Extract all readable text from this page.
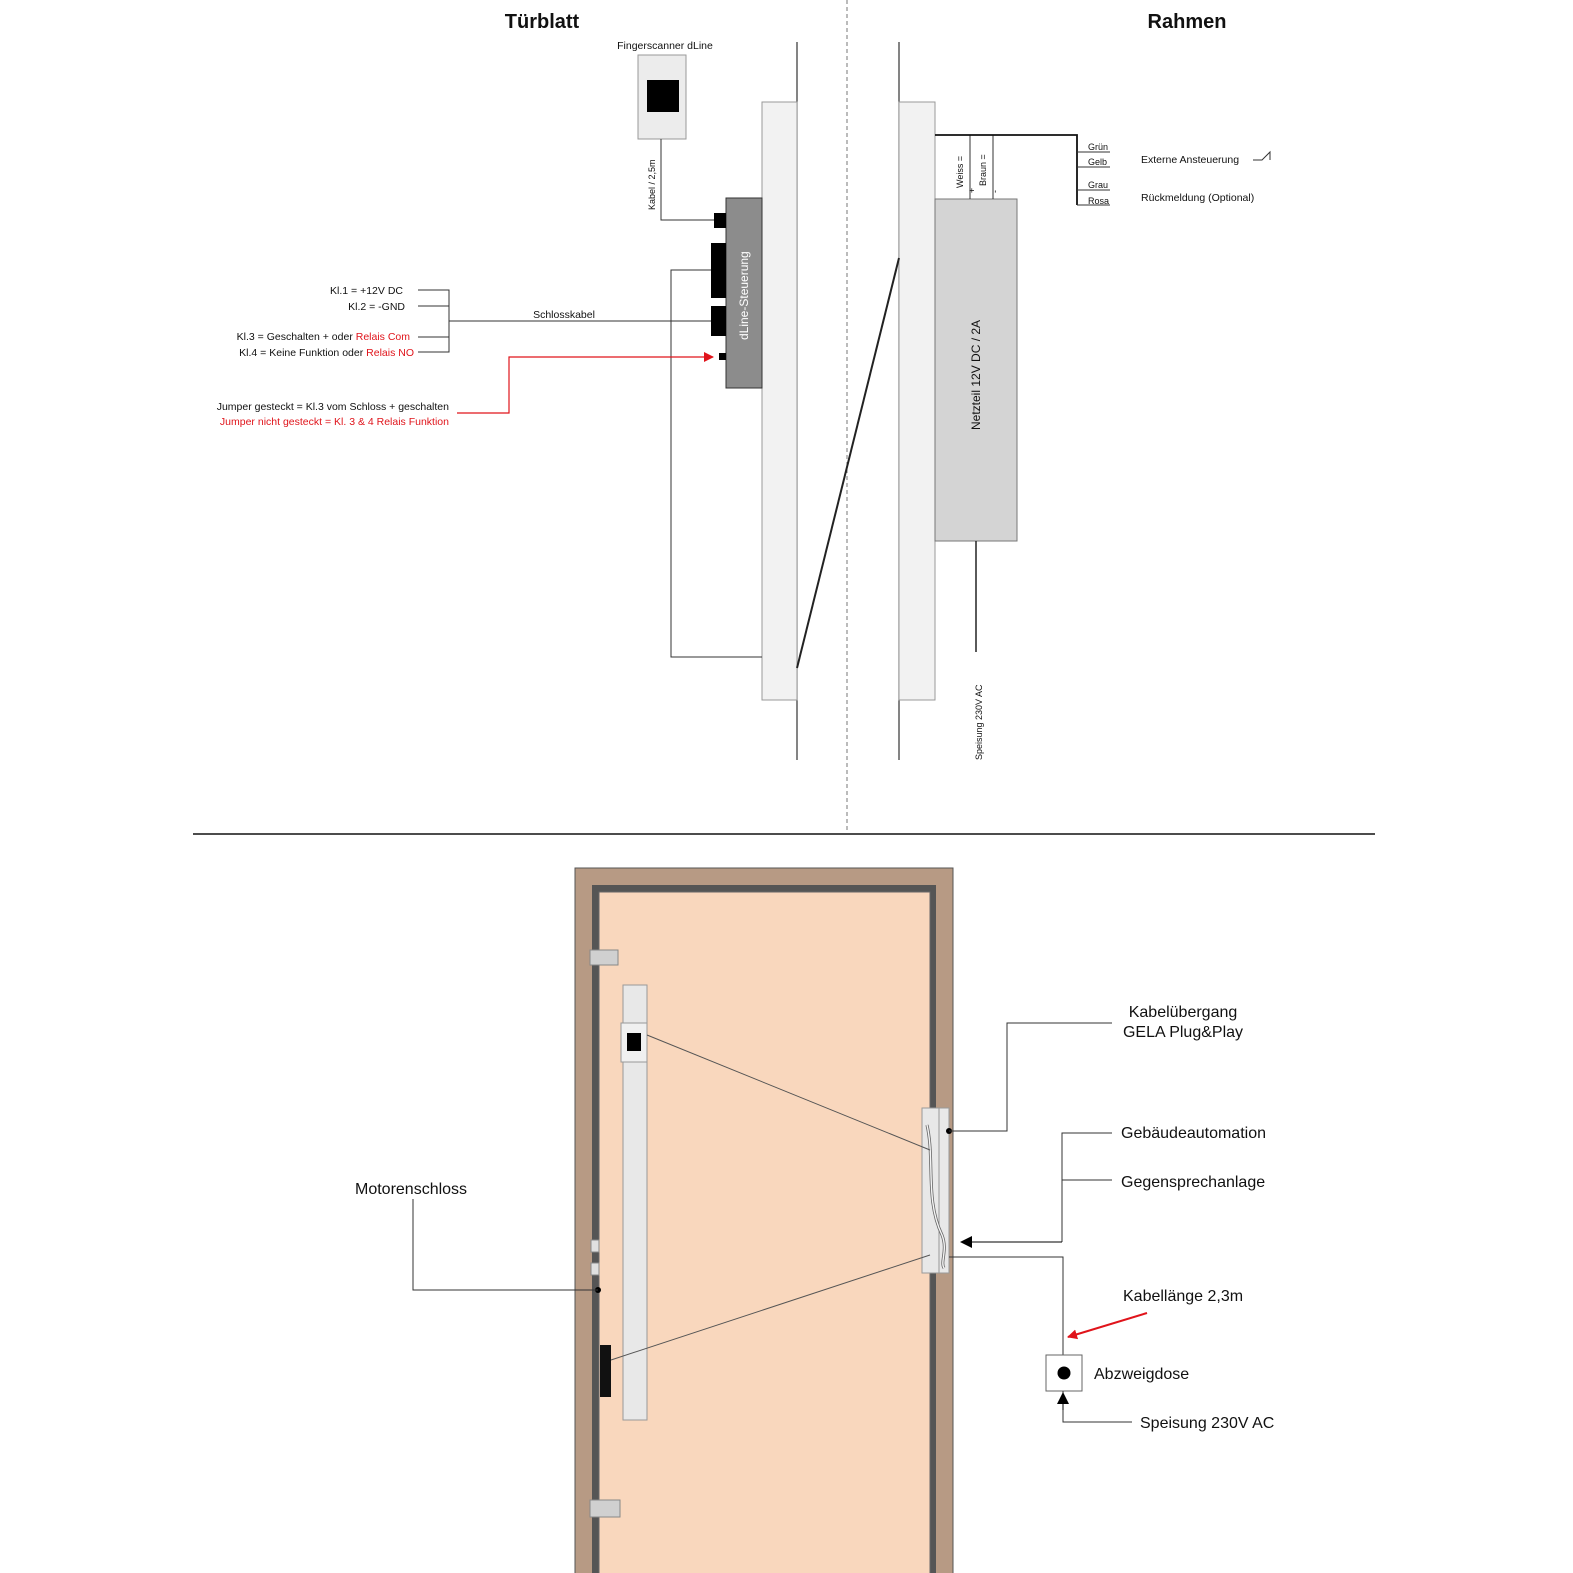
Türblatt	Rahmen
Fingerscanner dLine
Kabel / 2,5m
dLine-Steuerung
Kl.1 = +12V DC
Kl.2 = -GND
Kl.3 = Geschalten + oder Relais Com
Kl.4 = Keine Funktion oder Relais NO
Schlosskabel
Jumper gesteckt = Kl.3 vom Schloss + geschalten
Jumper nicht gesteckt = Kl. 3 & 4 Relais Funktion	Netzteil 12V DC / 2A
Weiss =
+
Braun =
-
Speisung 230V AC
Grün
Gelb
Grau
Rosa
Externe Ansteuerung
Rückmeldung (Optional)
Kabelübergang
GELA Plug&Play
Gebäudeautomation
Gegensprechanlage
Motorenschloss
Kabellänge 2,3m
Abzweigdose
Speisung 230V AC
